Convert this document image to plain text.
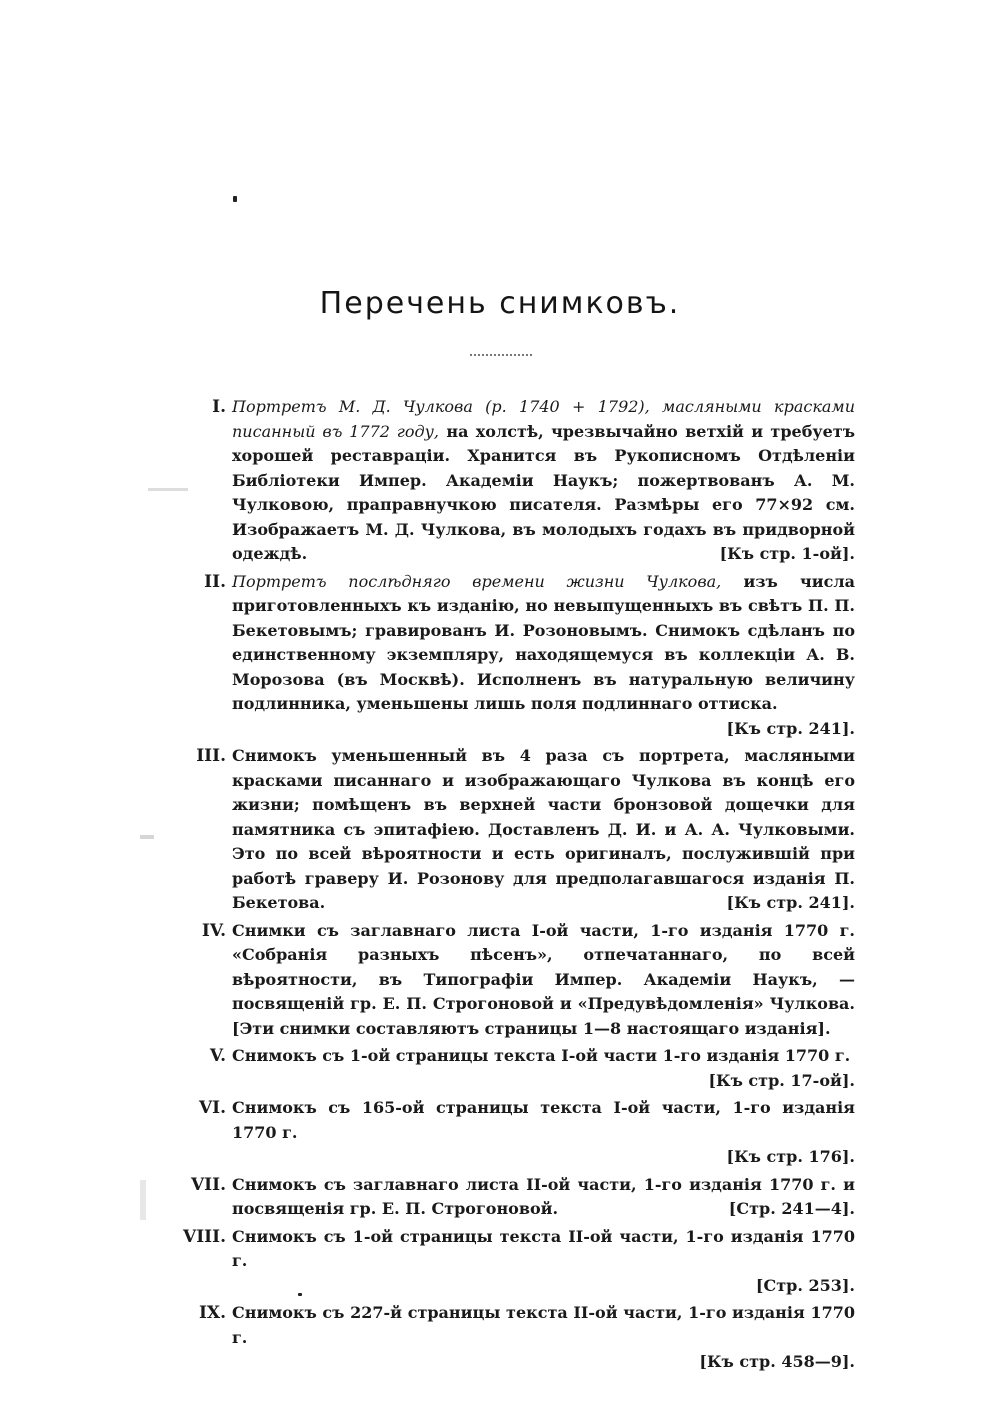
Перечень снимковъ.
I. Портретъ М. Д. Чулкова (р. 1740 + 1792), масляными красками писанный въ 1772 году, на холстѣ, чрезвычайно ветхій и требуетъ хорошей реставраціи. Хранится въ Рукописномъ Отдѣленіи Библіотеки Импер. Академіи Наукъ; пожертвованъ А. М. Чулковою, праправнучкою писателя. Размѣры его 77×92 см. Изображаетъ М. Д. Чулкова, въ молодыхъ годахъ въ придворной одеждѣ.	[Къ стр. 1-ой].
II. Портретъ послѣдняго времени жизни Чулкова, изъ числа приготовленныхъ къ изданію, но невыпущенныхъ въ свѣтъ П. П. Бекетовымъ; гравированъ И. Розоновымъ. Снимокъ сдѣланъ по единственному экземпляру, находящемуся въ коллекціи А. В. Морозова (въ Москвѣ). Исполненъ въ натуральную величину подлинника, уменьшены лишь поля подлиннаго оттиска.
[Къ стр. 241].
III. Снимокъ уменьшенный въ 4 раза съ портрета, масляными красками писаннаго и изображающаго Чулкова въ концѣ его жизни; помѣщенъ въ верхней части бронзовой дощечки для памятника съ эпитафіею. Доставленъ Д. И. и А. А. Чулковыми. Это по всей вѣроятности и есть оригиналъ, послужившій при работѣ граверу И. Розонову для предполагавшагося изданія П. Бекетова.	[Къ стр. 241].
IV. Снимки съ заглавнаго листа I-ой части, 1-го изданія 1770 г. «Собранія разныхъ пѣсенъ», отпечатаннаго, по всей вѣроятности, въ Типографіи Импер. Академіи Наукъ, — посвященій гр. Е. П. Строгоновой и «Предувѣдомленія» Чулкова. [Эти снимки составляютъ страницы 1—8 настоящаго изданія].
V. Снимокъ съ 1-ой страницы текста I-ой части 1-го изданія 1770 г.
[Къ стр. 17-ой].
VI. Снимокъ съ 165-ой страницы текста I-ой части, 1-го изданія 1770 г.
[Къ стр. 176].
VII. Снимокъ съ заглавнаго листа II-ой части, 1-го изданія 1770 г. и посвященія гр. Е. П. Строгоновой.	[Стр. 241—4].
VIII. Снимокъ съ 1-ой страницы текста II-ой части, 1-го изданія 1770 г.
[Стр. 253].
IX. Снимокъ съ 227-й страницы текста II-ой части, 1-го изданія 1770 г.
[Къ стр. 458—9].
